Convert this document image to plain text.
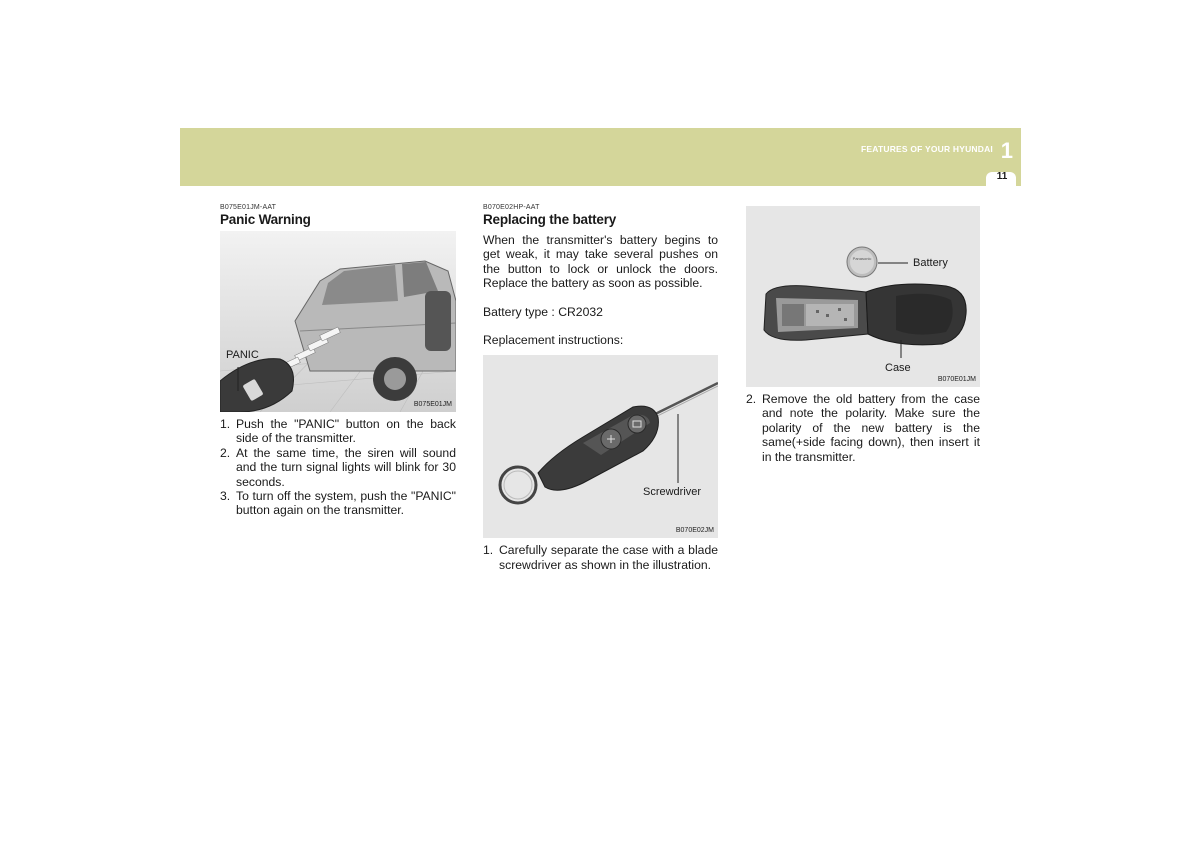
FEATURES OF YOUR HYUNDAI 1
11
B075E01JM-AAT
Panic Warning
PANIC
B075E01JM
1. Push the "PANIC" button on the back side of the transmitter.
2. At the same time, the siren will sound and the turn signal lights will blink for 30 seconds.
3. To turn off the system, push the "PANIC" button again on the transmitter.
B070E02HP-AAT
Replacing the battery

When the transmitter's battery begins to get weak, it may take several pushes on the button to lock or unlock the doors. Replace the battery as soon as possible.

Battery type : CR2032

Replacement instructions:

Screwdriver
B070E02JM
1. Carefully separate the case with a blade screwdriver as shown in the illustration.
Panasonic	Battery
Case
B070E01JM
2. Remove the old battery from the case and note the polarity. Make sure the polarity of the new battery is the same(+side facing down), then insert it in the transmitter.
